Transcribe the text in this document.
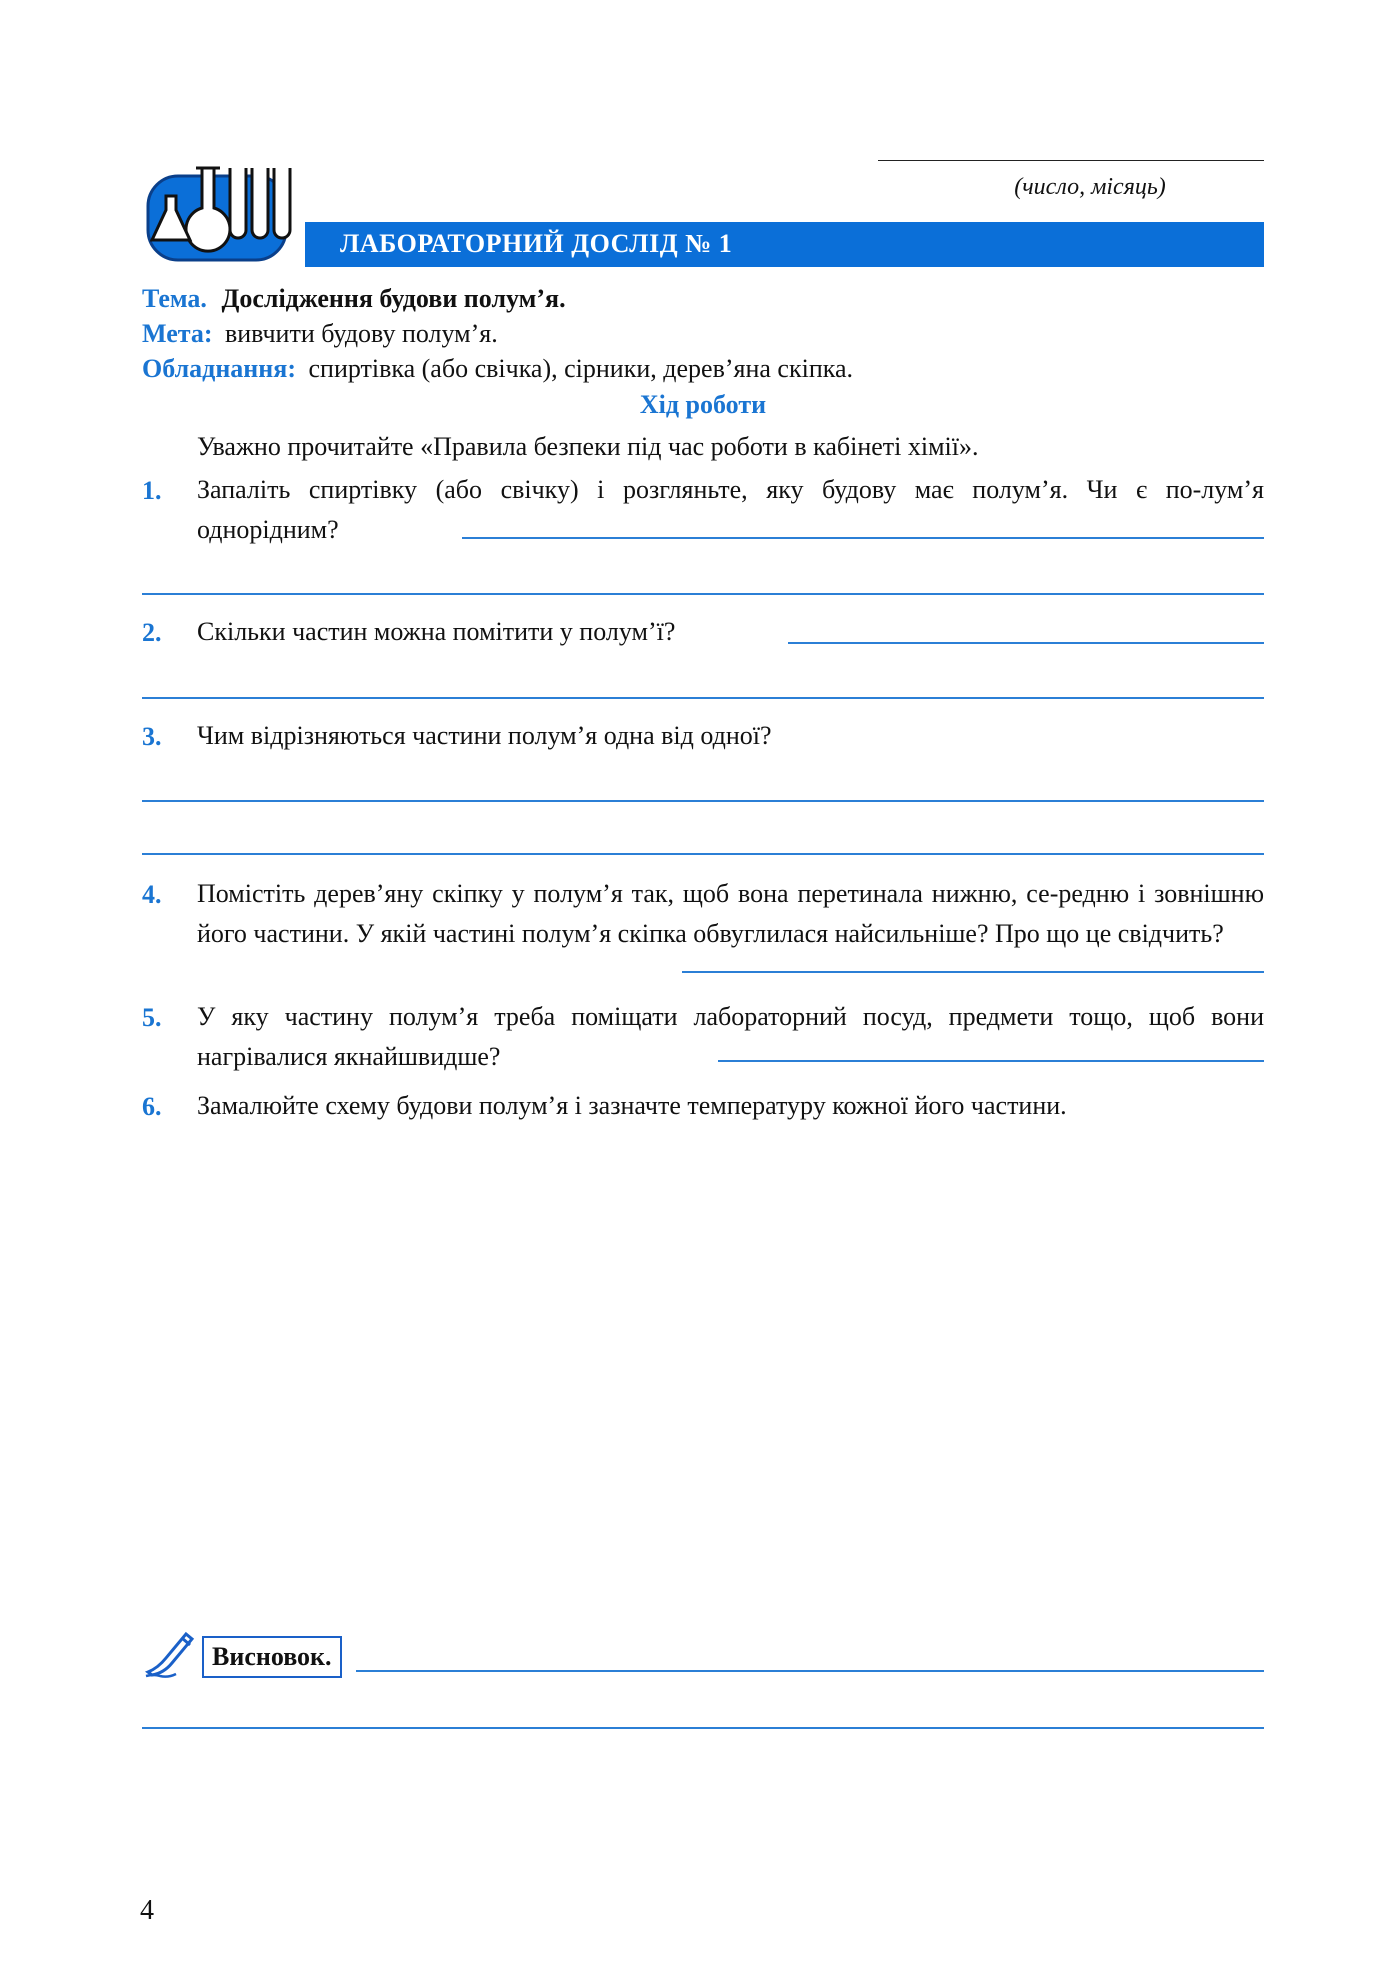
(число, місяць)
ЛАБОРАТОРНИЙ ДОСЛІД № 1
Тема. Дослідження будови полум’я.
Мета: вивчити будову полум’я.
Обладнання: спиртівка (або свічка), сірники, дерев’яна скіпка.
Хід роботи
Уважно прочитайте «Правила безпеки під час роботи в кабінеті хімії».
1.	Запаліть спиртівку (або свічку) і розгляньте, яку будову має полум’я. Чи є по-лум’я однорідним?
2.	Скільки частин можна помітити у полум’ї?
3.	Чим відрізняються частини полум’я одна від одної?
4.	Помістіть дерев’яну скіпку у полум’я так, щоб вона перетинала нижню, се-редню і зовнішню його частини. У якій частині полум’я скіпка обвуглилася найсильніше? Про що це свідчить?
5.	У яку частину полум’я треба поміщати лабораторний посуд, предмети тощо, щоб вони нагрівалися якнайшвидше?
6.	Замалюйте схему будови полум’я і зазначте температуру кожної його частини.
Висновок.
4
